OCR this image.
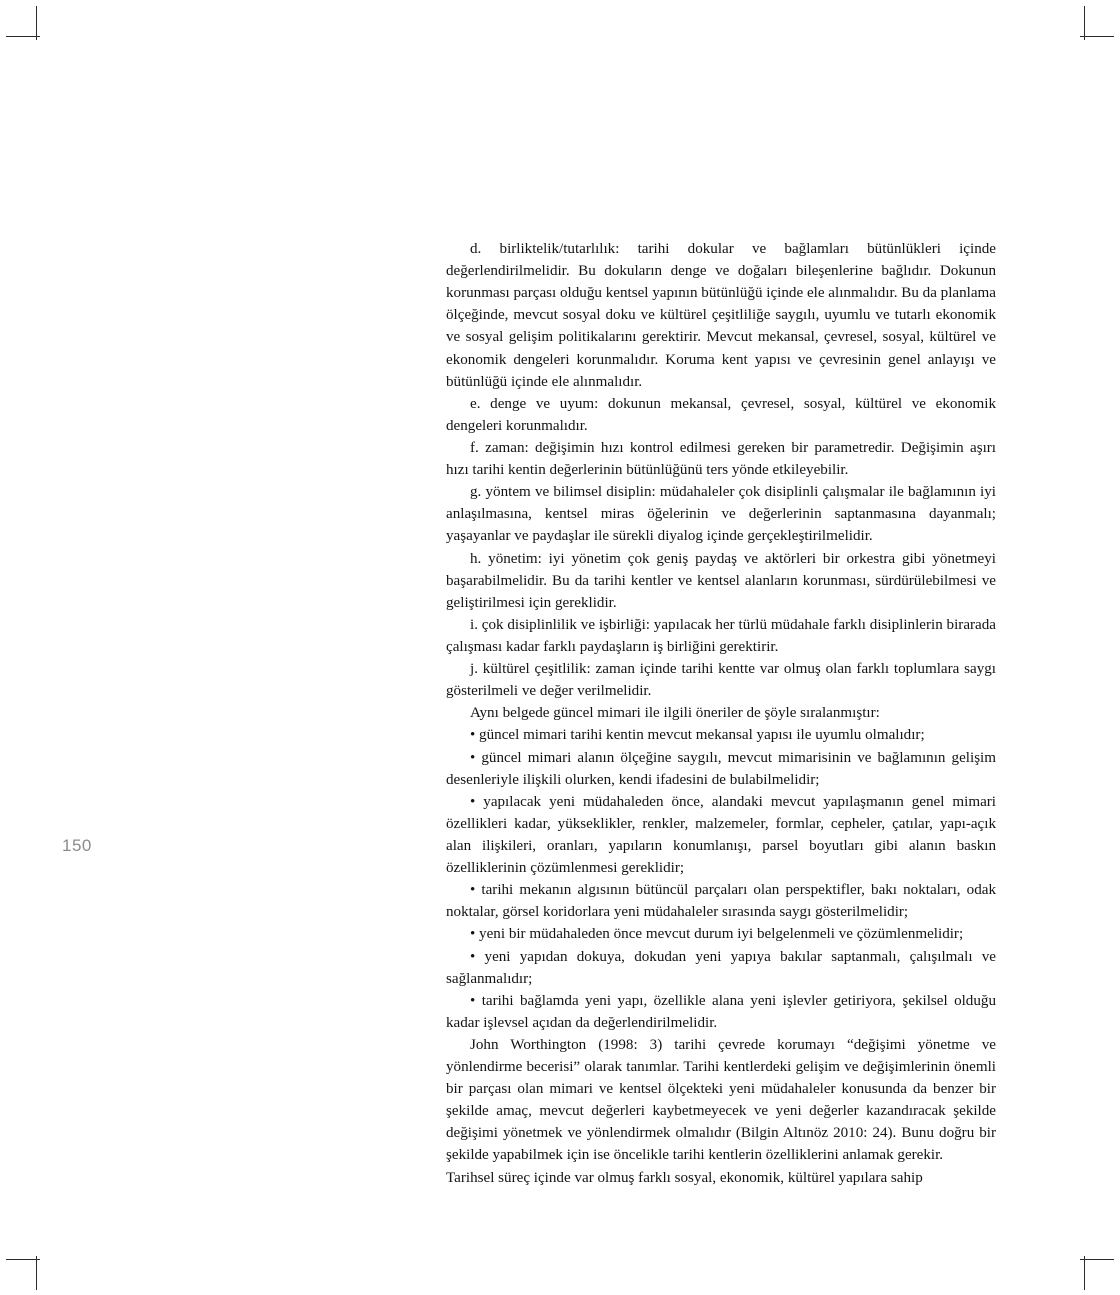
150

d. birliktelik/tutarlılık: tarihi dokular ve bağlamları bütünlükleri içinde değerlendirilmelidir. Bu dokuların denge ve doğaları bileşenlerine bağlıdır. Dokunun korunması parçası olduğu kentsel yapının bütünlüğü içinde ele alınmalıdır. Bu da planlama ölçeğinde, mevcut sosyal doku ve kültürel çeşitliliğe saygılı, uyumlu ve tutarlı ekonomik ve sosyal gelişim politikalarını gerektirir. Mevcut mekansal, çevresel, sosyal, kültürel ve ekonomik dengeleri korunmalıdır. Koruma kent yapısı ve çevresinin genel anlayışı ve bütünlüğü içinde ele alınmalıdır.

e. denge ve uyum: dokunun mekansal, çevresel, sosyal, kültürel ve ekonomik dengeleri korunmalıdır.

f. zaman: değişimin hızı kontrol edilmesi gereken bir parametredir. Değişimin aşırı hızı tarihi kentin değerlerinin bütünlüğünü ters yönde etkileyebilir.

g. yöntem ve bilimsel disiplin: müdahaleler çok disiplinli çalışmalar ile bağlamının iyi anlaşılmasına, kentsel miras öğelerinin ve değerlerinin saptanmasına dayanmalı; yaşayanlar ve paydaşlar ile sürekli diyalog içinde gerçekleştirilmelidir.

h. yönetim: iyi yönetim çok geniş paydaş ve aktörleri bir orkestra gibi yönetmeyi başarabilmelidir. Bu da tarihi kentler ve kentsel alanların korunması, sürdürülebilmesi ve geliştirilmesi için gereklidir.

i. çok disiplinlilik ve işbirliği: yapılacak her türlü müdahale farklı disiplinlerin birarada çalışması kadar farklı paydaşların iş birliğini gerektirir.

j. kültürel çeşitlilik: zaman içinde tarihi kentte var olmuş olan farklı toplumlara saygı gösterilmeli ve değer verilmelidir.

Aynı belgede güncel mimari ile ilgili öneriler de şöyle sıralanmıştır:

• güncel mimari tarihi kentin mevcut mekansal yapısı ile uyumlu olmalıdır;

• güncel mimari alanın ölçeğine saygılı, mevcut mimarisinin ve bağlamının gelişim desenleriyle ilişkili olurken, kendi ifadesini de bulabilmelidir;

• yapılacak yeni müdahaleden önce, alandaki mevcut yapılaşmanın genel mimari özellikleri kadar, yükseklikler, renkler, malzemeler, formlar, cepheler, çatılar, yapı-açık alan ilişkileri, oranları, yapıların konumlanışı, parsel boyutları gibi alanın baskın özelliklerinin çözümlenmesi gereklidir;

• tarihi mekanın algısının bütüncül parçaları olan perspektifler, bakı noktaları, odak noktalar, görsel koridorlara yeni müdahaleler sırasında saygı gösterilmelidir;

• yeni bir müdahaleden önce mevcut durum iyi belgelenmeli ve çözümlenmelidir;

• yeni yapıdan dokuya, dokudan yeni yapıya bakılar saptanmalı, çalışılmalı ve sağlanmalıdır;

• tarihi bağlamda yeni yapı, özellikle alana yeni işlevler getiriyora, şekilsel olduğu kadar işlevsel açıdan da değerlendirilmelidir.

John Worthington (1998: 3) tarihi çevrede korumayı “değişimi yönetme ve yönlendirme becerisi” olarak tanımlar. Tarihi kentlerdeki gelişim ve değişimlerinin önemli bir parçası olan mimari ve kentsel ölçekteki yeni müdahaleler konusunda da benzer bir şekilde amaç, mevcut değerleri kaybetmeyecek ve yeni değerler kazandıracak şekilde değişimi yönetmek ve yönlendirmek olmalıdır (Bilgin Altınöz 2010: 24). Bunu doğru bir şekilde yapabilmek için ise öncelikle tarihi kentlerin özelliklerini anlamak gerekir.

Tarihsel süreç içinde var olmuş farklı sosyal, ekonomik, kültürel yapılara sahip
